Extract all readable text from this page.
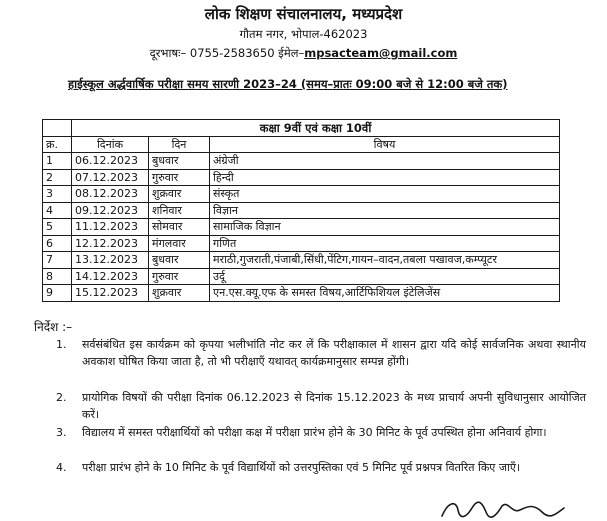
लोक शिक्षण संचालनालय, मध्यप्रदेश
गौतम नगर, भोपाल-462023
दूरभाषः– 0755-2583650 ईमेल–mpsacteam@gmail.com
हाईस्कूल अर्द्धवार्षिक परीक्षा समय सारणी 2023–24 (समय–प्रातः 09:00 बजे से 12:00 बजे तक)
	कक्षा 9वीं एवं कक्षा 10वीं		
क्र.	दिनांक	दिन	विषय
1	06.12.2023	बुधवार	अंग्रेजी
2	07.12.2023	गुरुवार	हिन्दी
3	08.12.2023	शुक्रवार	संस्कृत
4	09.12.2023	शनिवार	विज्ञान
5	11.12.2023	सोमवार	सामाजिक विज्ञान
6	12.12.2023	मंगलवार	गणित
7	13.12.2023	बुधवार	मराठी,गुजराती,पंजाबी,सिंधी,पेंटिग,गायन–वादन,तबला पखावज,कम्प्यूटर
8	14.12.2023	गुरुवार	उर्दू
9	15.12.2023	शुक्रवार	एन.एस.क्यू.एफ के समस्त विषय,आर्टिफिशियल इंटेलिजेंस
निर्देश :–
1.	सर्वसंबंधित इस कार्यक्रम को कृपया भलीभांति नोट कर लें कि परीक्षाकाल में शासन द्वारा यदि कोई सार्वजनिक अथवा स्थानीय अवकाश घोषित किया जाता है, तो भी परीक्षाएँ यथावत् कार्यक्रमानुसार सम्पन्न होंगी।
2.	प्रायोगिक विषयों की परीक्षा दिनांक 06.12.2023 से दिनांक 15.12.2023 के मध्य प्राचार्य अपनी सुविधानुसार आयोजित करें।
3.	विद्यालय में समस्त परीक्षार्थियों को परीक्षा कक्ष में परीक्षा प्रारंभ होने के 30 मिनिट के पूर्व उपस्थित होना अनिवार्य होगा।
4.	परीक्षा प्रारंभ होने के 10 मिनिट के पूर्व विद्यार्थियों को उत्तरपुस्तिका एवं 5 मिनिट पूर्व प्रश्नपत्र वितरित किए जाएँ।
